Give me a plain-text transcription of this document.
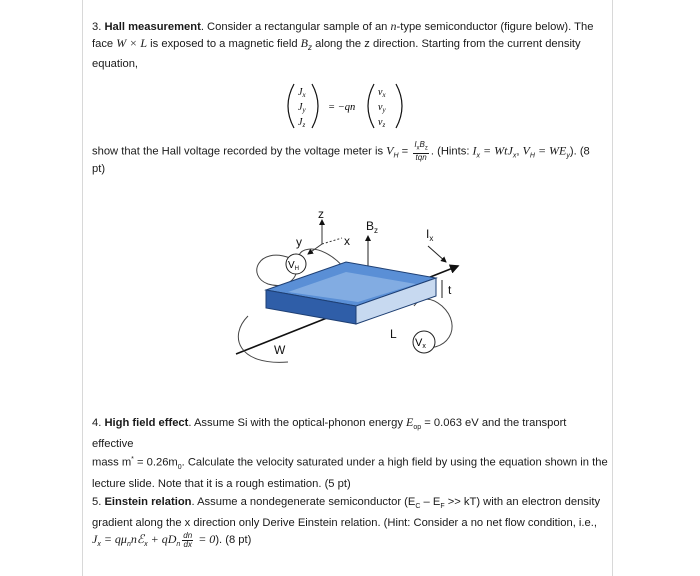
3. Hall measurement. Consider a rectangular sample of an n-type semiconductor (figure below). The
face W × L is exposed to a magnetic field $B_z$ along the z direction. Starting from the current density
equation,
$J_x$
$J_y$
$J_z$
= −qn
$v_x$
$v_y$
$v_z$
show that the Hall voltage recorded by the voltage meter is $V_H = \frac{I_xB_z}{\text{tqn}}$ . (Hints: $I_x = WtJ_x$, $V_H = WE_y$). (8
pt)
z
y	x
$B_z$	$I_x$
$V_H$
t
L
Vx
W
4. High field effect. Assume Si with the optical-phonon energy $E_{op} = 0.063$ eV and the transport effective
mass $m^* = 0.26m_0$. Calculate the velocity saturated under a high field by using the equation shown in the
lecture slide. Note that it is a rough estimation. (5 pt)
5. Einstein relation. Assume a nondegenerate semiconductor $(E_C - E_F >> kT)$ with an electron density
gradient along the x direction only Derive Einstein relation. (Hint: Consider a no net flow condition, i.e.,
$J_x$ = $q\mu_nnℰ_x + qD_n \frac{dn}{dx} = 0$). (8 pt)
